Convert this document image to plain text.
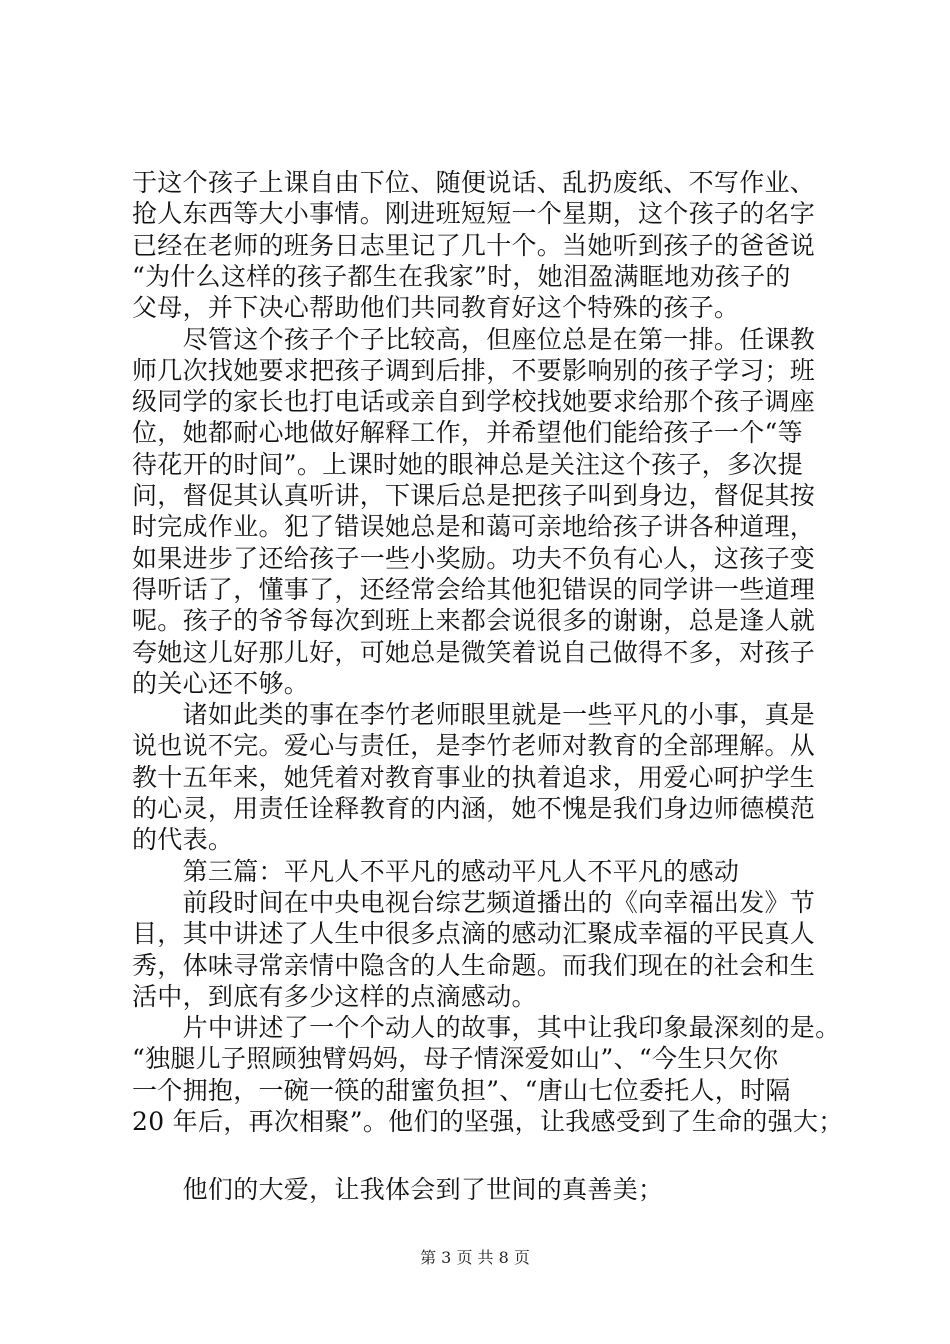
于这个孩子上课自由下位、随便说话、乱扔废纸、不写作业、
抢人东西等大小事情。刚进班短短一个星期，这个孩子的名字
已经在老师的班务日志里记了几十个。当她听到孩子的爸爸说
“为什么这样的孩子都生在我家”时，她泪盈满眶地劝孩子的
父母，并下决心帮助他们共同教育好这个特殊的孩子。
　　尽管这个孩子个子比较高，但座位总是在第一排。任课教
师几次找她要求把孩子调到后排，不要影响别的孩子学习；班
级同学的家长也打电话或亲自到学校找她要求给那个孩子调座
位，她都耐心地做好解释工作，并希望他们能给孩子一个“等
待花开的时间”。上课时她的眼神总是关注这个孩子，多次提
问，督促其认真听讲，下课后总是把孩子叫到身边，督促其按
时完成作业。犯了错误她总是和蔼可亲地给孩子讲各种道理，
如果进步了还给孩子一些小奖励。功夫不负有心人，这孩子变
得听话了，懂事了，还经常会给其他犯错误的同学讲一些道理
呢。孩子的爷爷每次到班上来都会说很多的谢谢，总是逢人就
夸她这儿好那儿好，可她总是微笑着说自己做得不多，对孩子
的关心还不够。
　　诸如此类的事在李竹老师眼里就是一些平凡的小事，真是
说也说不完。爱心与责任，是李竹老师对教育的全部理解。从
教十五年来，她凭着对教育事业的执着追求，用爱心呵护学生
的心灵，用责任诠释教育的内涵，她不愧是我们身边师德模范
的代表。
　　第三篇：平凡人不平凡的感动平凡人不平凡的感动
　　前段时间在中央电视台综艺频道播出的《向幸福出发》节
目，其中讲述了人生中很多点滴的感动汇聚成幸福的平民真人
秀，体味寻常亲情中隐含的人生命题。而我们现在的社会和生
活中，到底有多少这样的点滴感动。
　　片中讲述了一个个动人的故事，其中让我印象最深刻的是。
“独腿儿子照顾独臂妈妈，母子情深爱如山”、“今生只欠你
一个拥抱，一碗一筷的甜蜜负担”、“唐山七位委托人，时隔
20 年后，再次相聚”。他们的坚强，让我感受到了生命的强大；
　　他们的大爱，让我体会到了世间的真善美；
第 3 页 共 8 页
